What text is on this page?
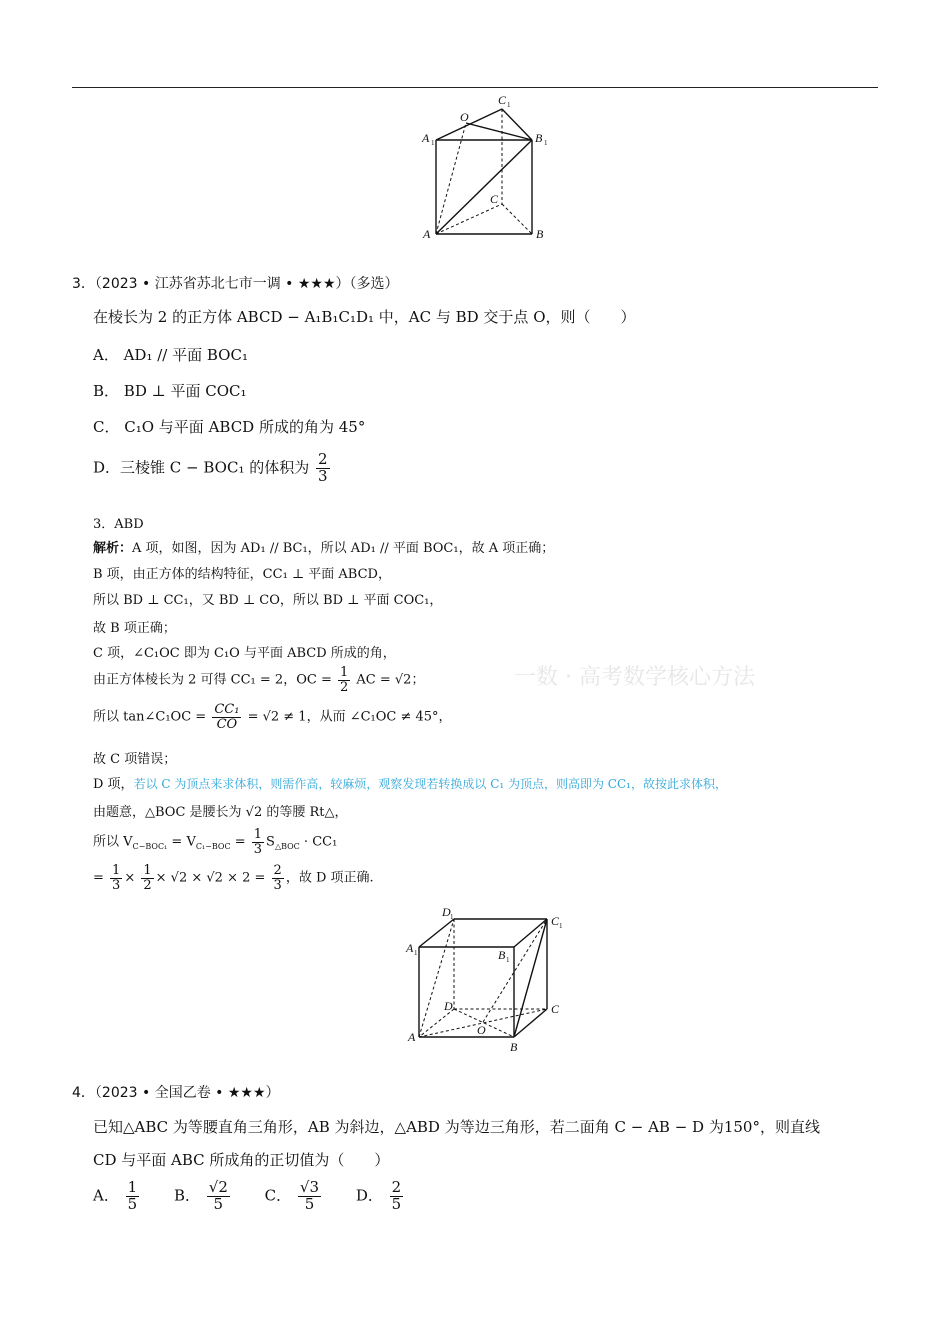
A	B
C
O
A 1	B 1
C 1
3．（2023 • 江苏省苏北七市一调 • ★★★）（多选）
在棱长为 2 的正方体 ABCD − A₁B₁C₁D₁ 中，AC 与 BD 交于点 O，则（　　）
A． AD₁ // 平面 BOC₁
B． BD ⊥ 平面 COC₁
C． C₁O 与平面 ABCD 所成的角为 45°
D．三棱锥 C − BOC₁ 的体积为 $\frac{2}{3}$
3．ABD
解析：A 项，如图，因为 AD₁ // BC₁，所以 AD₁ // 平面 BOC₁，故 A 项正确；
B 项，由正方体的结构特征，CC₁ ⊥ 平面 ABCD，
所以 BD ⊥ CC₁，又 BD ⊥ CO，所以 BD ⊥ 平面 COC₁，
故 B 项正确；
C 项，∠C₁OC 即为 C₁O 与平面 ABCD 所成的角，
由正方体棱长为 2 可得 CC₁ = 2，OC = $\frac{1}{2}$ AC = √2；
所以 tan∠C₁OC = $\frac{\text{CC₁}}{CO} = √2 \ne 1$，从而 ∠C₁OC ≠ 45°，
故 C 项错误；
D 项，若以 C 为顶点来求体积，则需作高，较麻烦，观察发现若转换成以 C₁ 为顶点，则高即为 CC₁，故按此求体积，
由题意，△BOC 是腰长为 √2 的等腰 Rt△，
所以 $V_{C-BOC_1} = V_{C_1-BOC} = \frac{1}{3} S_{\triangle BOC} \cdot CC_1$
= $\frac{1}{3} \times \frac{1}{2} \times √2 \times √2 \times 2 = \frac{2}{3}$ ，故 D 项正确.
一数 · 高考数学核心方法
A
B
C
D
O
A 1	B 1
C 1
D 1
4．（2023 • 全国乙卷 • ★★★）
已知△ABC 为等腰直角三角形，AB 为斜边，△ABD 为等边三角形，若二面角 C − AB − D 为150°，则直线
CD 与平面 ABC 所成角的正切值为（　　）
A． $\frac{1}{5}$ B． $\frac{√2}{5}$ C． $\frac{√3}{5}$ D． $\frac{2}{5}$
